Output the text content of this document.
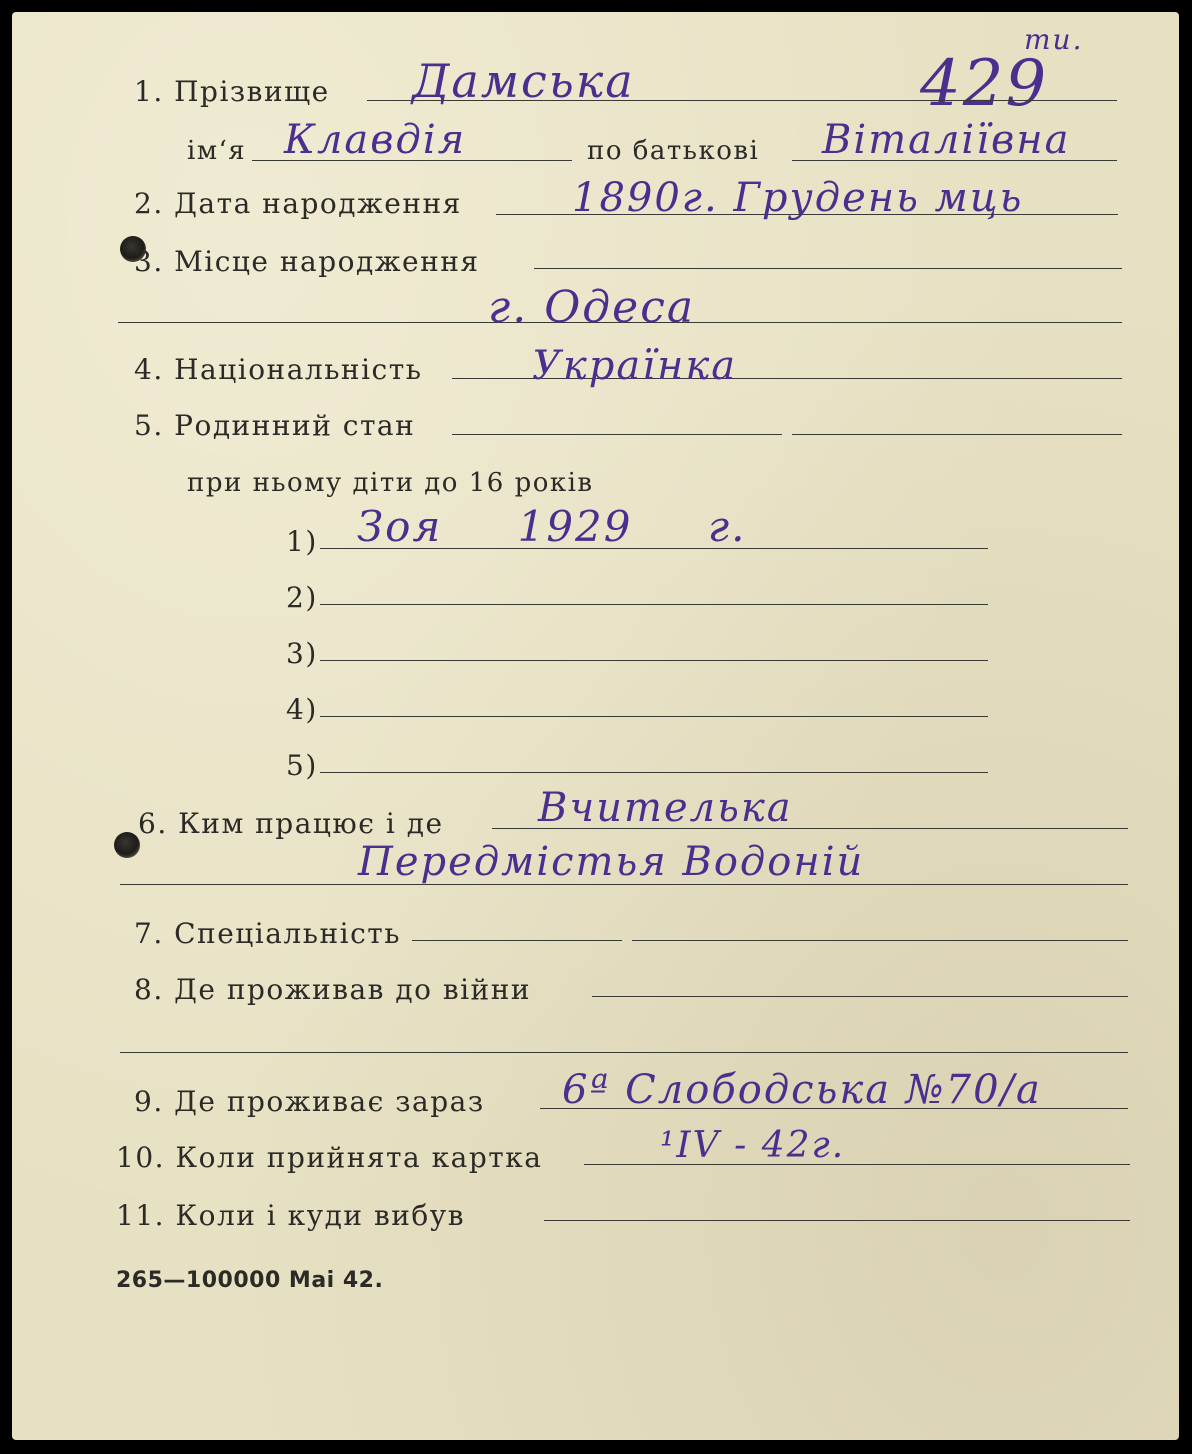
429
ти.
1. Прізвище Дамська
ім‘я Клавдія	по батькові Віталіївна
2. Дата народження	1890г. Грудень мць
3. Місце народження
г. Одеса
4. Національність	Українка
5. Родинний стан
при ньому діти до 16 років
1) Зоя 1929 г.
2)
3)
4)
5)
6. Ким працює і де Вчителька
Передмістья Водоній
7. Спеціальність
8. Де проживав до війни
9. Де проживає зараз 6ª Слободська №70/а
10. Коли прийнята картка	¹IV - 42г.
11. Коли і куди вибув
265—100000 Mai 42.
